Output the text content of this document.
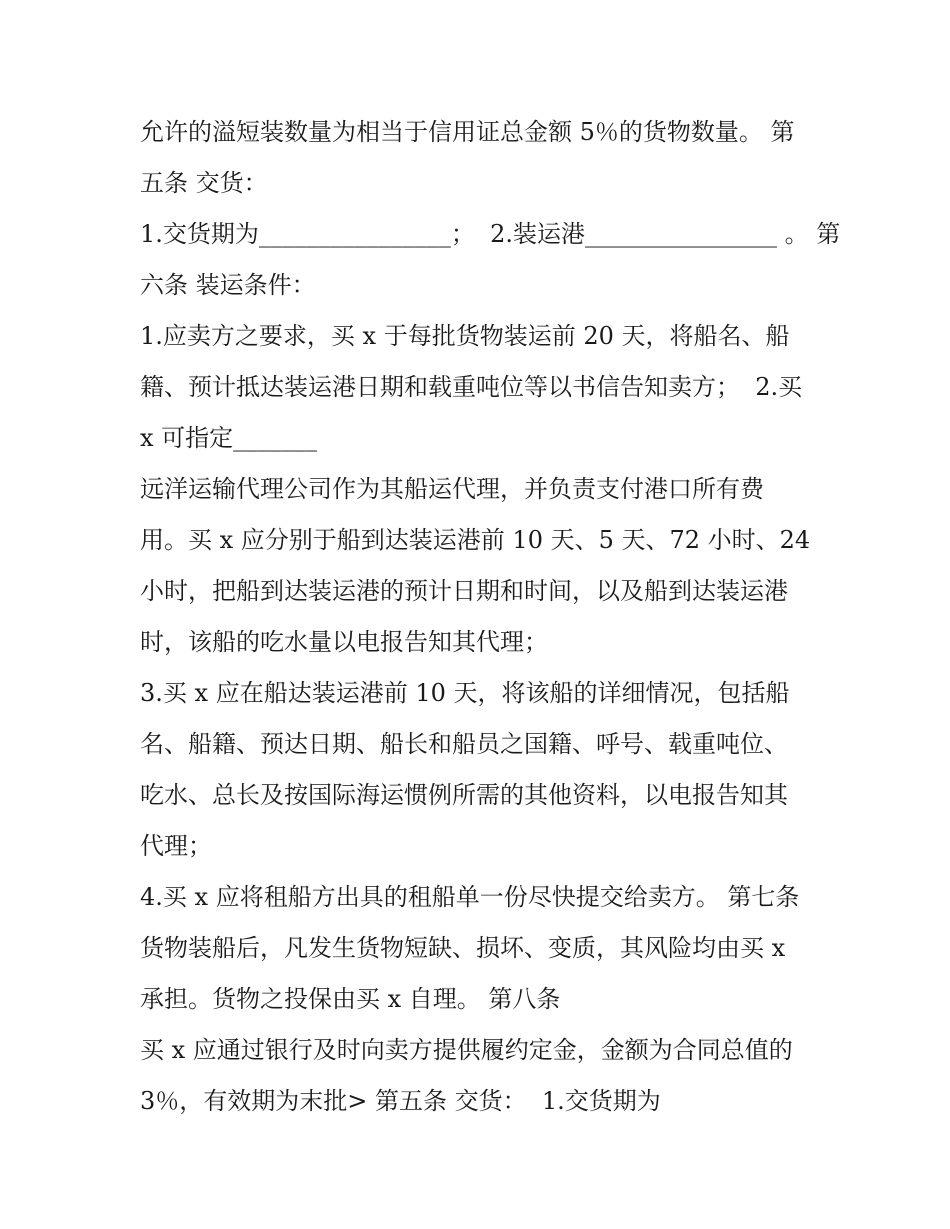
允许的溢短装数量为相当于信用证总金额 5％的货物数量。 第
五条 交货：
1.交货期为________________；  2.装运港________________ 。 第
六条 装运条件：
1.应卖方之要求，买 x 于每批货物装运前 20 天，将船名、船
籍、预计抵达装运港日期和载重吨位等以书信告知卖方；  2.买
x 可指定_______
远洋运输代理公司作为其船运代理，并负责支付港口所有费
用。买 x 应分别于船到达装运港前 10 天、5 天、72 小时、24
小时，把船到达装运港的预计日期和时间，以及船到达装运港
时，该船的吃水量以电报告知其代理；
3.买 x 应在船达装运港前 10 天，将该船的详细情况，包括船
名、船籍、预达日期、船长和船员之国籍、呼号、载重吨位、
吃水、总长及按国际海运惯例所需的其他资料，以电报告知其
代理；
4.买 x 应将租船方出具的租船单一份尽快提交给卖方。 第七条
货物装船后，凡发生货物短缺、损坏、变质，其风险均由买 x
承担。货物之投保由买 x 自理。 第八条
买 x 应通过银行及时向卖方提供履约定金，金额为合同总值的
3％，有效期为末批> 第五条 交货：  1.交货期为
